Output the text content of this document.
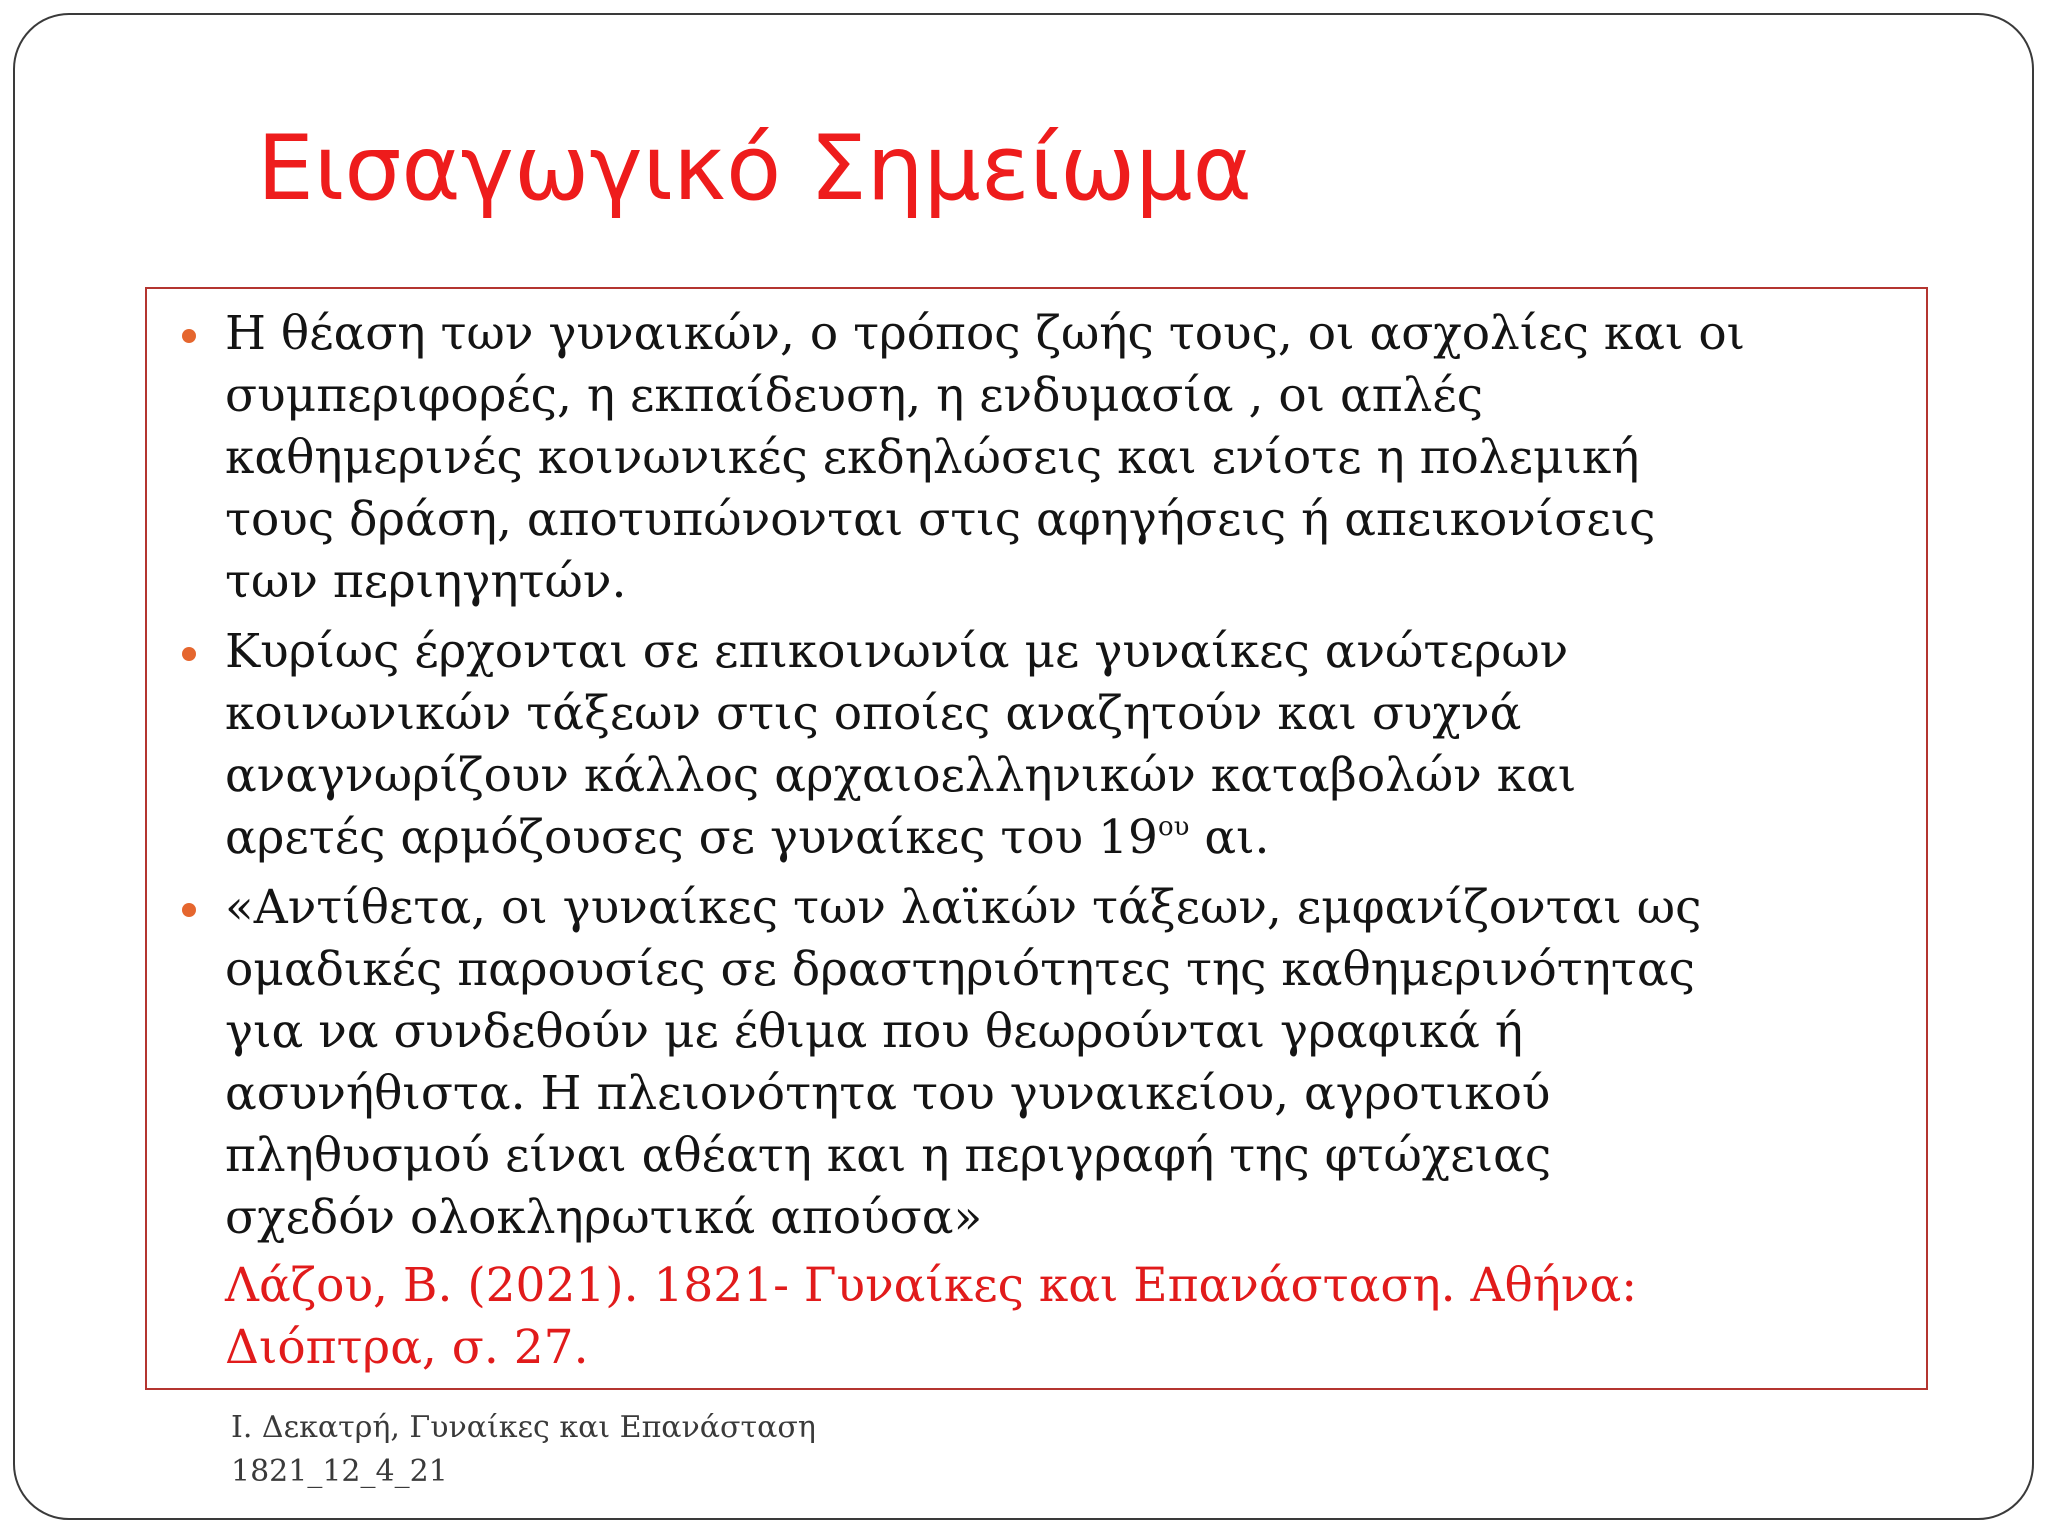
Εισαγωγικό Σημείωμα
Η θέαση των γυναικών, ο τρόπος ζωής τους, οι ασχολίες και οι
συμπεριφορές, η εκπαίδευση, η ενδυμασία , οι απλές
καθημερινές κοινωνικές εκδηλώσεις και ενίοτε η πολεμική
τους δράση, αποτυπώνονται στις αφηγήσεις ή απεικονίσεις
των περιηγητών.
Κυρίως έρχονται σε επικοινωνία με γυναίκες ανώτερων
κοινωνικών τάξεων στις οποίες αναζητούν και συχνά
αναγνωρίζουν κάλλος αρχαιοελληνικών καταβολών και
αρετές αρμόζουσες σε γυναίκες του $19^{o\upsilon}$ αι.
«Αντίθετα, οι γυναίκες των λαϊκών τάξεων, εμφανίζονται ως
ομαδικές παρουσίες σε δραστηριότητες της καθημερινότητας
για να συνδεθούν με έθιμα που θεωρούνται γραφικά ή
ασυνήθιστα. Η πλειονότητα του γυναικείου, αγροτικού
πληθυσμού είναι αθέατη και η περιγραφή της φτώχειας
σχεδόν ολοκληρωτικά απούσα»
Λάζου, Β. (2021). 1821- Γυναίκες και Επανάσταση. Αθήνα:
Διόπτρα, σ. 27.
Ι. Δεκατρή, Γυναίκες και Επανάσταση
1821_12_4_21
